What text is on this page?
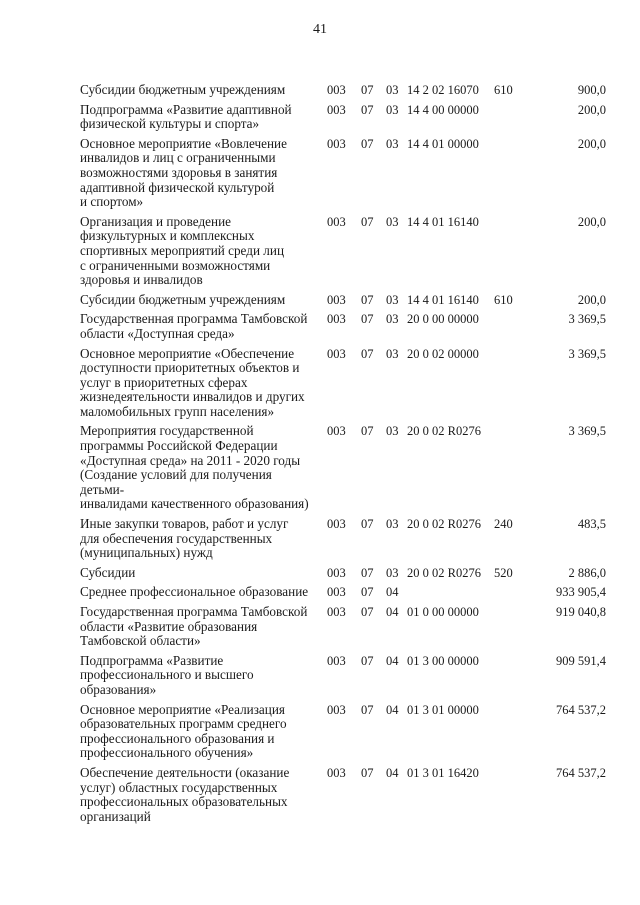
41
Субсидии бюджетным учреждениям	003 07 03 14 2 02 16070 610	900,0
Подпрограмма «Развитие адаптивной
физической культуры и спорта»
003 07 03 14 4 00 00000	200,0
Основное мероприятие «Вовлечение
инвалидов и лиц с ограниченными
возможностями здоровья в занятия
адаптивной физической культурой
и спортом»
003 07 03 14 4 01 00000	200,0
Организация и проведение
физкультурных и комплексных
спортивных мероприятий среди лиц
с ограниченными возможностями
здоровья и инвалидов
003 07 03 14 4 01 16140	200,0
Субсидии бюджетным учреждениям	003 07 03 14 4 01 16140 610	200,0
Государственная программа Тамбовской
области «Доступная среда»
003 07 03 20 0 00 00000	3 369,5
Основное мероприятие «Обеспечение
доступности приоритетных объектов и
услуг в приоритетных сферах
жизнедеятельности инвалидов и других
маломобильных групп населения»
003 07 03 20 0 02 00000	3 369,5
Мероприятия государственной
программы Российской Федерации
«Доступная среда» на 2011 - 2020 годы
(Создание условий для получения детьми-
инвалидами качественного образования)
003 07 03 20 0 02 R0276	3 369,5
Иные закупки товаров, работ и услуг
для обеспечения государственных
(муниципальных) нужд
003 07 03 20 0 02 R0276 240	483,5
Субсидии	003 07 03 20 0 02 R0276 520	2 886,0
Среднее профессиональное образование	003 07 04	933 905,4
Государственная программа Тамбовской
области «Развитие образования
Тамбовской области»
003 07 04 01 0 00 00000	919 040,8
Подпрограмма «Развитие
профессионального и высшего
образования»
003 07 04 01 3 00 00000	909 591,4
Основное мероприятие «Реализация
образовательных программ среднего
профессионального образования и
профессионального обучения»
003 07 04 01 3 01 00000	764 537,2
Обеспечение деятельности (оказание
услуг) областных государственных
профессиональных образовательных
организаций
003 07 04 01 3 01 16420	764 537,2
